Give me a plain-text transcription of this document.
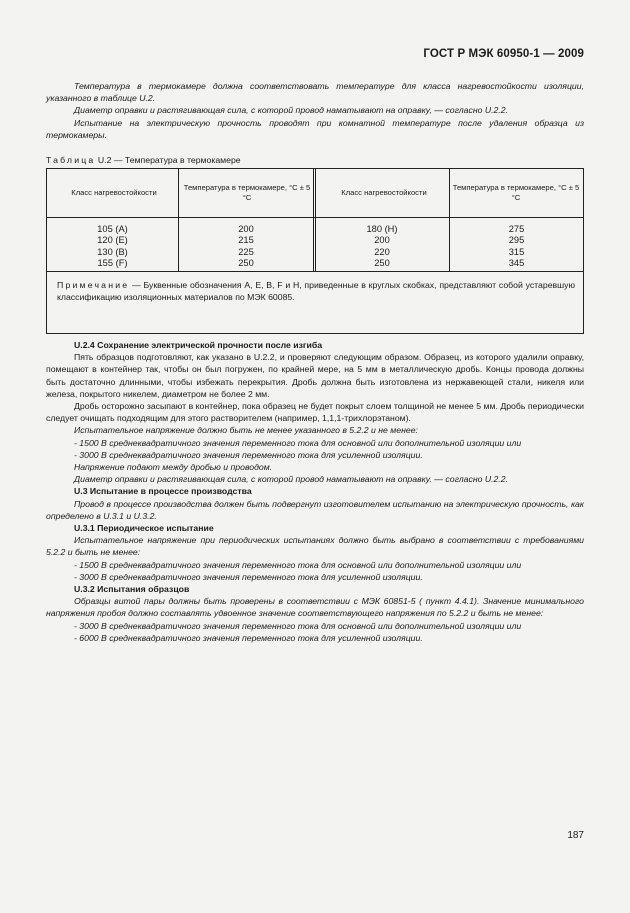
ГОСТ Р МЭК 60950-1 — 2009

Температура в термокамере должна соответствовать температуре для класса нагревостойкости изоляции, указанного в таблице U.2.

Диаметр оправки и растягивающая сила, с которой провод наматывают на оправку, — согласно U.2.2.

Испытание на электрическую прочность проводят при комнатной температуре после удаления образца из термокамеры.

Таблица U.2 — Температура в термокамере
Класс нагревостойкости
Температура в термокамере, °C ± 5 °C
Класс нагревостойкости
Температура в термокамере, °C ± 5 °C
105 (A)
120 (E)
130 (B)
155 (F)
200
215
225
250
180 (H)
200
220
250
275
295
315
345
Примечание — Буквенные обозначения A, E, B, F и H, приведенные в круглых скобках, представляют собой устаревшую классификацию изоляционных материалов по МЭК 60085.

U.2.4 Сохранение электрической прочности после изгиба

Пять образцов подготовляют, как указано в U.2.2, и проверяют следующим образом. Образец, из которого удалили оправку, помещают в контейнер так, чтобы он был погружен, по крайней мере, на 5 мм в металлическую дробь. Концы провода должны быть достаточно длинными, чтобы избежать перекрытия. Дробь должна быть изготовлена из нержавеющей стали, никеля или железа, покрытого никелем, диаметром не более 2 мм.

Дробь осторожно засыпают в контейнер, пока образец не будет покрыт слоем толщиной не менее 5 мм. Дробь периодически следует очищать подходящим для этого растворителем (например, 1,1,1-трихлорэтаном).

Испытательное напряжение должно быть не менее указанного в 5.2.2 и не менее:

- 1500 В среднеквадратичного значения переменного тока для основной или дополнительной изоляции или

- 3000 В среднеквадратичного значения переменного тока для усиленной изоляции.

Напряжение подают между дробью и проводом.

Диаметр оправки и растягивающая сила, с которой провод наматывают на оправку. — согласно U.2.2.

U.3 Испытание в процессе производства

Провод в процессе производства должен быть подвергнут изготовителем испытанию на электрическую прочность, как определено в U.3.1 и U.3.2.

U.3.1 Периодическое испытание

Испытательное напряжение при периодических испытаниях должно быть выбрано в соответствии с требованиями 5.2.2 и быть не менее:

- 1500 В среднеквадратичного значения переменного тока для основной или дополнительной изоляции или

- 3000 В среднеквадратичного значения переменного тока для усиленной изоляции.

U.3.2 Испытания образцов

Образцы витой пары должны быть проверены в соответствии с МЭК 60851-5 ( пункт 4.4.1). Значение минимального напряжения пробоя должно составлять удвоенное значение соответствующего напряжения по 5.2.2 и быть не менее:

- 3000 В среднеквадратичного значения переменного тока для основной или дополнительной изоляции или

- 6000 В среднеквадратичного значения переменного тока для усиленной изоляции.

187
